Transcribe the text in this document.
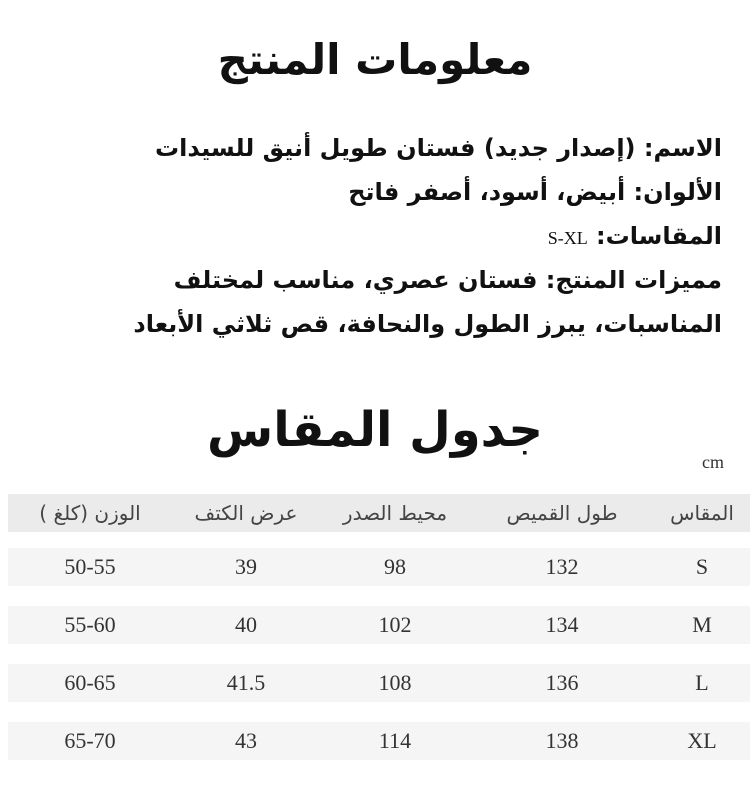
معلومات المنتج
الاسم: (إصدار جديد) فستان طويل أنيق للسيدات
الألوان: أبيض، أسود، أصفر فاتح
المقاسات: S-XL
مميزات المنتج: فستان عصري، مناسب لمختلف
المناسبات، يبرز الطول والنحافة، قص ثلاثي الأبعاد
جدول المقاس
cm
المقاس
طول القميص
محيط الصدر
عرض الكتف
الوزن (كلغ )
S
132
98
39
50-55
M
134
102
40
55-60
L
136
108
41.5
60-65
XL
138
114
43
65-70
